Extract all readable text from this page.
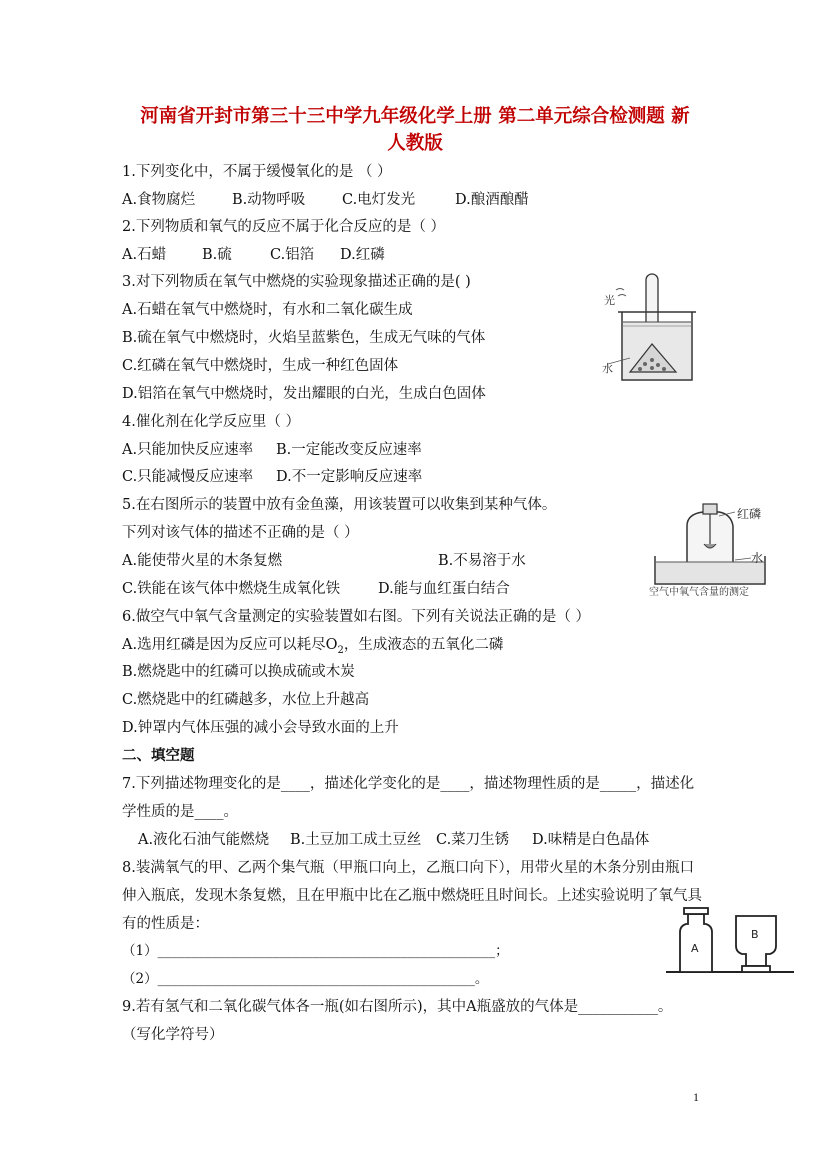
河南省开封市第三十三中学九年级化学上册 第二单元综合检测题 新
人教版
1.下列变化中，不属于缓慢氧化的是 （ ）
A.食物腐烂	B.动物呼吸	C.电灯发光	D.酿酒酿醋
2.下列物质和氧气的反应不属于化合反应的是（ ）
A.石蜡 B.硫	C.铝箔 D.红磷
3.对下列物质在氧气中燃烧的实验现象描述正确的是( )
A.石蜡在氧气中燃烧时，有水和二氧化碳生成
B.硫在氧气中燃烧时，火焰呈蓝紫色，生成无气味的气体
C.红磷在氧气中燃烧时，生成一种红色固体
D.铝箔在氧气中燃烧时，发出耀眼的白光，生成白色固体
4.催化剂在化学反应里（ ）
A.只能加快反应速率 B.一定能改变反应速率
C.只能减慢反应速率 D.不一定影响反应速率
5.在右图所示的装置中放有金鱼藻，用该装置可以收集到某种气体。
下列对该气体的描述不正确的是（ ）
A.能使带火星的木条复燃	B.不易溶于水
C.铁能在该气体中燃烧生成氧化铁	D.能与血红蛋白结合
6.做空气中氧气含量测定的实验装置如右图。下列有关说法正确的是（ ）
A.选用红磷是因为反应可以耗尽$O_2$，生成液态的五氧化二磷
B.燃烧匙中的红磷可以换成硫或木炭
C.燃烧匙中的红磷越多，水位上升越高
D.钟罩内气体压强的减小会导致水面的上升
二、填空题
7.下列描述物理变化的是____，描述化学变化的是____，描述物理性质的是_____，描述化
学性质的是____。
A.液化石油气能燃烧 B.土豆加工成土豆丝 C.菜刀生锈 D.味精是白色晶体
8.装满氧气的甲、乙两个集气瓶（甲瓶口向上，乙瓶口向下），用带火星的木条分别由瓶口
伸入瓶底，发现木条复燃，且在甲瓶中比在乙瓶中燃烧旺且时间长。上述实验说明了氧气具
有的性质是：
（1）__________________________________________________；
（2）_______________________________________________。
9.若有氢气和二氧化碳气体各一瓶(如右图所示)，其中A瓶盛放的气体是___________。
（写化学符号）
光
水
红磷
水
空气中氧气含量的测定
A
B
1
